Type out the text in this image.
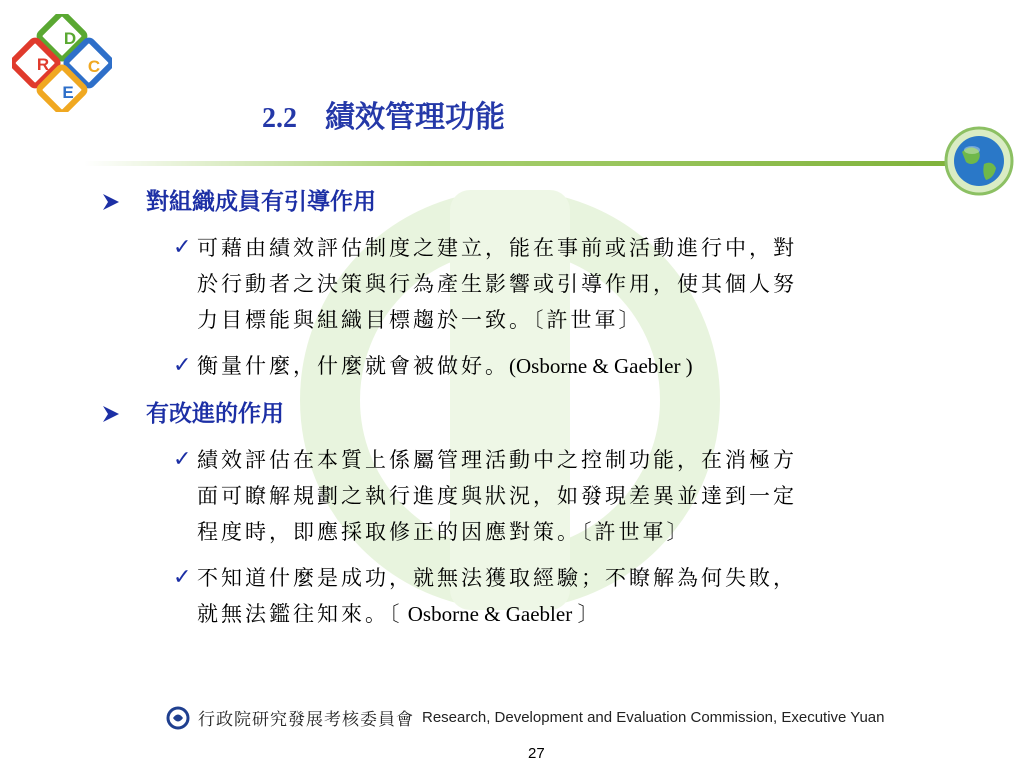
R
D
E
C
2.2 績效管理功能
對組織成員有引導作用
✓ 可藉由績效評估制度之建立，能在事前或活動進行中，對
於行動者之決策與行為產生影響或引導作用，使其個人努
力目標能與組織目標趨於一致。〔許世軍〕
✓ 衡量什麼，什麼就會被做好。(Osborne & Gaebler )
有改進的作用
✓ 績效評估在本質上係屬管理活動中之控制功能，在消極方
面可瞭解規劃之執行進度與狀況，如發現差異並達到一定
程度時，即應採取修正的因應對策。〔許世軍〕
✓ 不知道什麼是成功，就無法獲取經驗；不瞭解為何失敗，
就無法鑑往知來。〔 Osborne & Gaebler 〕
行政院研究發展考核委員會 Research, Development and Evaluation Commission, Executive Yuan
27
